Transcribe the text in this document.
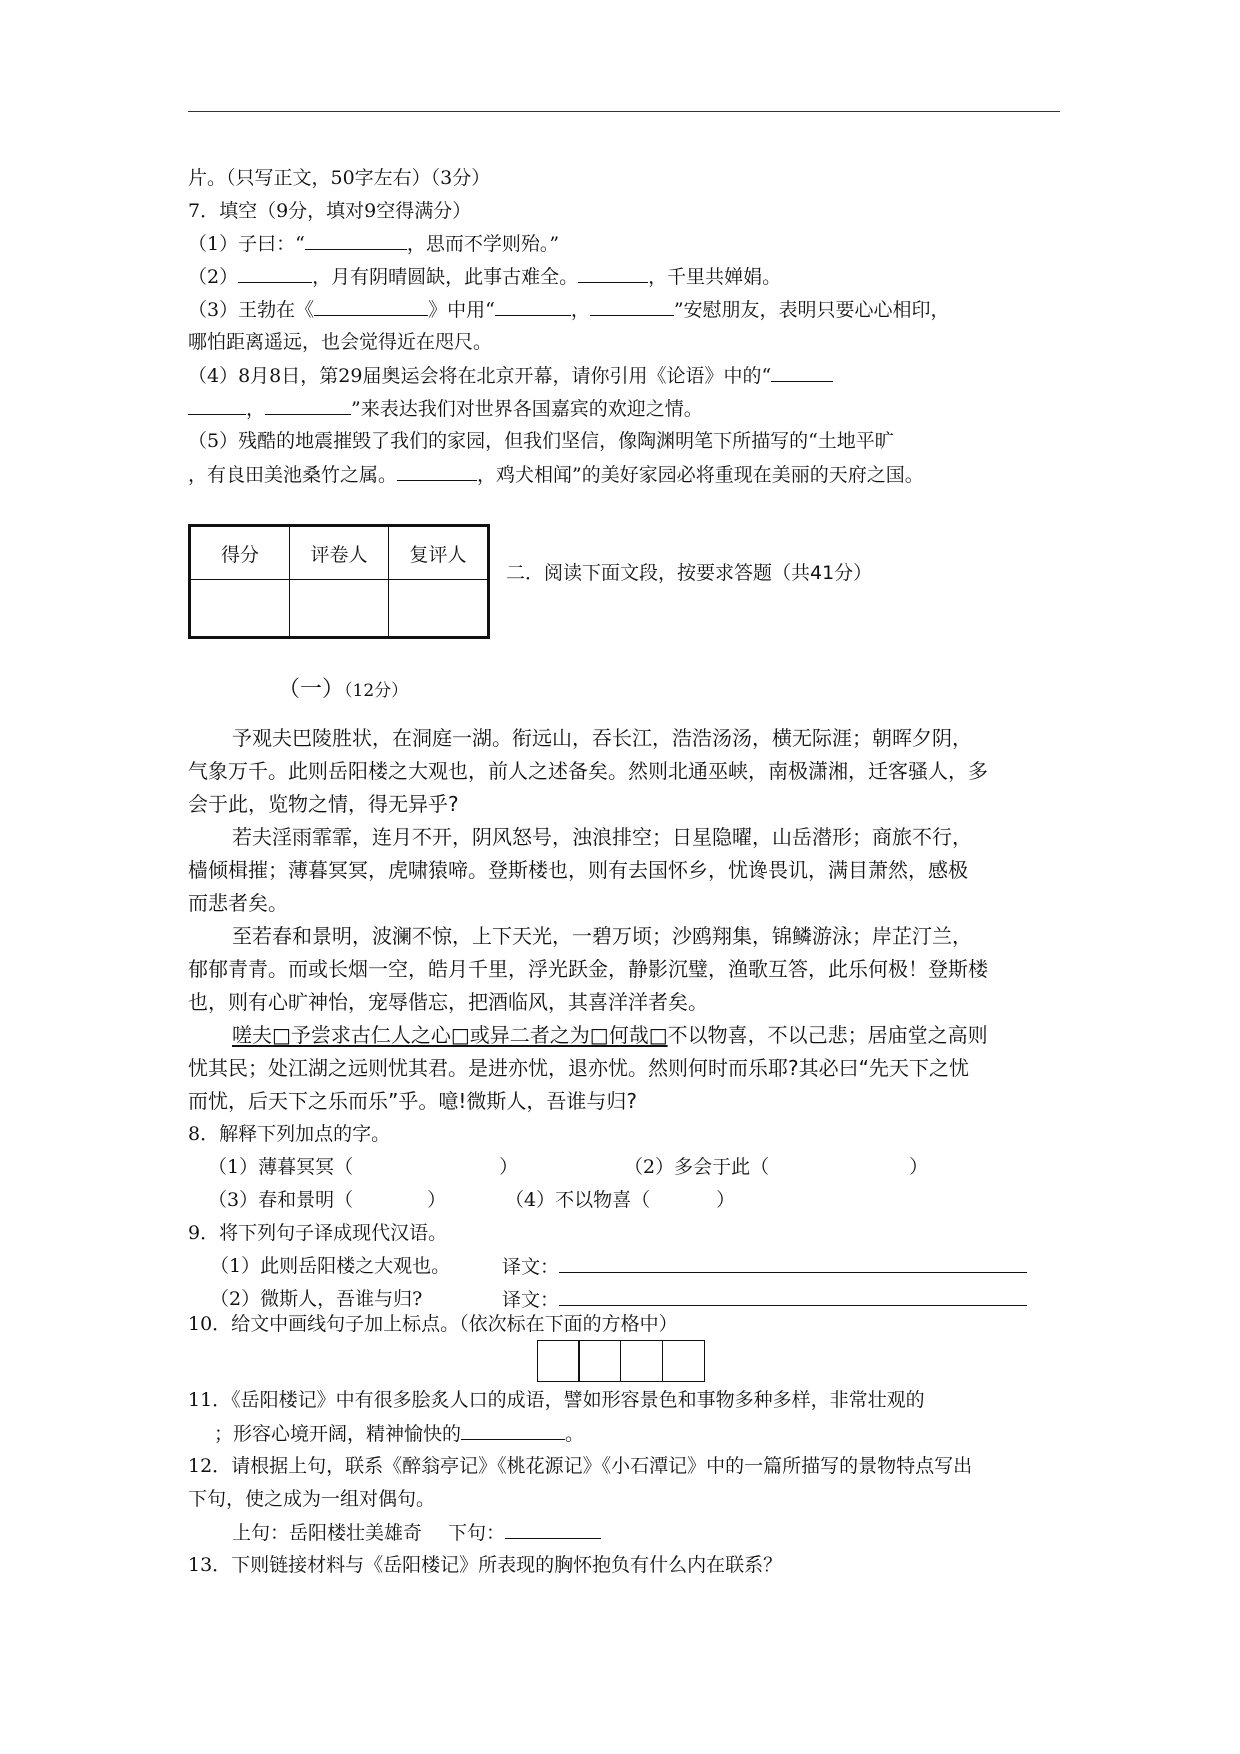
片。（只写正文，50字左右）（3分）
7．填空（9分，填对9空得满分）
（1）子曰：“	，思而不学则殆。”
（2）	，月有阴晴圆缺，此事古难全。	，千里共婵娟。
（3）王勃在《	》中用“	，	”安慰朋友，表明只要心心相印，
哪怕距离遥远，也会觉得近在咫尺。
（4）8月8日，第29届奥运会将在北京开幕，请你引用《论语》中的“
，	”来表达我们对世界各国嘉宾的欢迎之情。
（5）残酷的地震摧毁了我们的家园，但我们坚信，像陶渊明笔下所描写的“土地平旷
，有良田美池桑竹之属。	，鸡犬相闻”的美好家园必将重现在美丽的天府之国。
得分	评卷人	复评人

二．阅读下面文段，按要求答题（共41分）
（一）（12分）
予观夫巴陵胜状，在洞庭一湖。衔远山，吞长江，浩浩汤汤，横无际涯；朝晖夕阴，
气象万千。此则岳阳楼之大观也，前人之述备矣。然则北通巫峡，南极潇湘，迁客骚人，多
会于此，览物之情，得无异乎?
若夫淫雨霏霏，连月不开，阴风怒号，浊浪排空；日星隐曜，山岳潜形；商旅不行，
樯倾楫摧；薄暮冥冥，虎啸猿啼。登斯楼也，则有去国怀乡，忧谗畏讥，满目萧然，感极
而悲者矣。
至若春和景明，波澜不惊，上下天光，一碧万顷；沙鸥翔集，锦鳞游泳；岸芷汀兰，
郁郁青青。而或长烟一空，皓月千里，浮光跃金，静影沉璧，渔歌互答，此乐何极！登斯楼
也，则有心旷神怡，宠辱偕忘，把酒临风，其喜洋洋者矣。
嗟夫□予尝求古仁人之心□或异二者之为□何哉□不以物喜，不以己悲；居庙堂之高则
忧其民；处江湖之远则忧其君。是进亦忧，退亦忧。然则何时而乐耶?其必曰“先天下之忧
而忧，后天下之乐而乐”乎。噫!微斯人，吾谁与归?
8．解释下列加点的字。
（1）薄暮冥冥（	）	（2）多会于此（	）
（3）春和景明（	）	（4）不以物喜（	）
9．将下列句子译成现代汉语。
（1）此则岳阳楼之大观也。	译文：
（2）微斯人，吾谁与归?	译文：
10．给文中画线句子加上标点。（依次标在下面的方格中）
11．《岳阳楼记》中有很多脍炙人口的成语，譬如形容景色和事物多种多样，非常壮观的
；形容心境开阔，精神愉快的	。
12．请根据上句，联系《醉翁亭记》《桃花源记》《小石潭记》中的一篇所描写的景物特点写出
下句，使之成为一组对偶句。
上句：岳阳楼壮美雄奇 下句：
13．下则链接材料与《岳阳楼记》所表现的胸怀抱负有什么内在联系？
